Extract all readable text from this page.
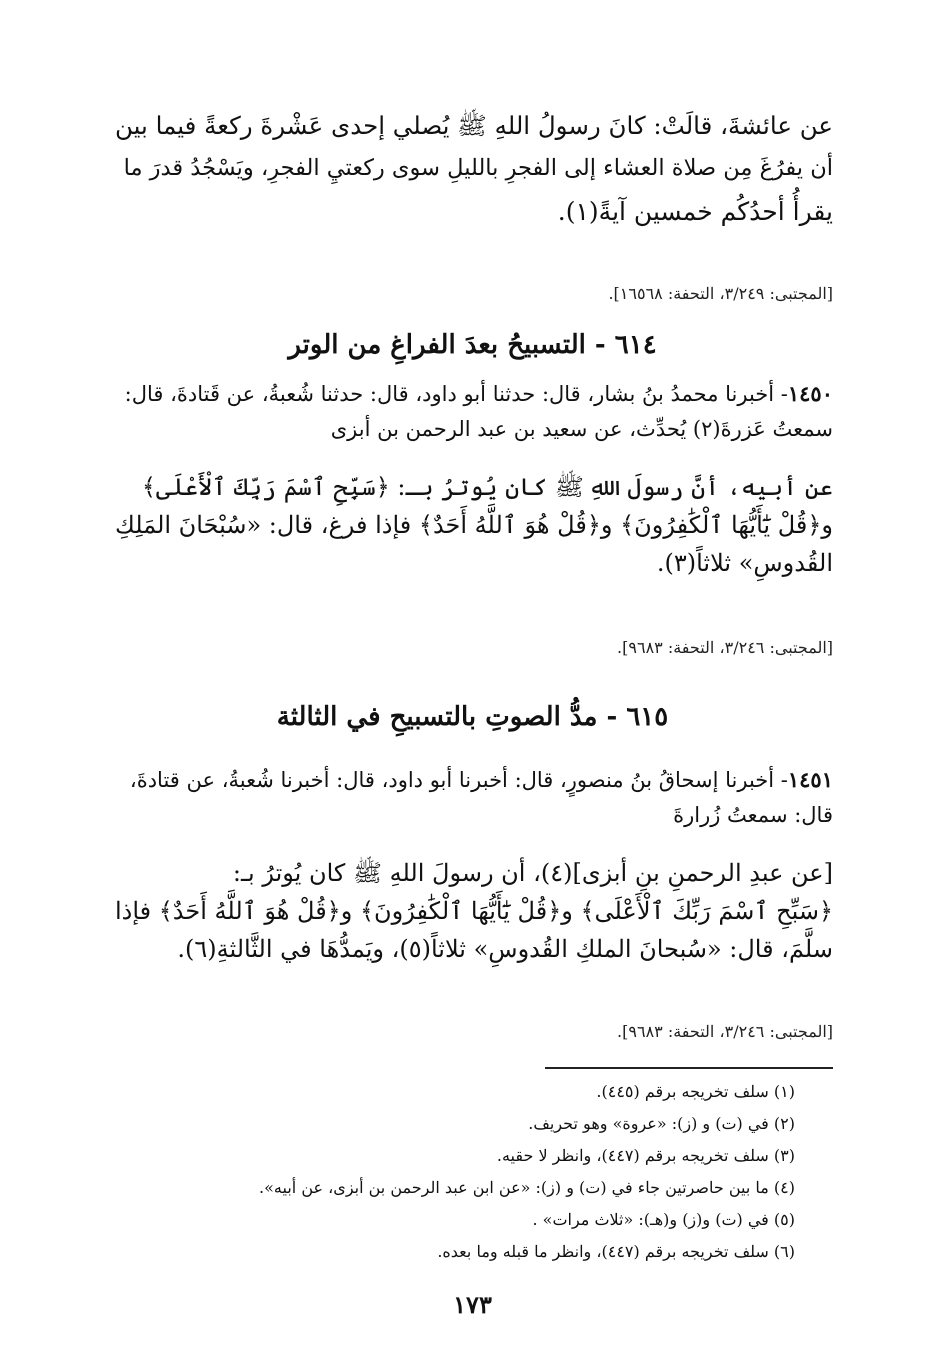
عن عائشةَ، قالَتْ: كانَ رسولُ اللهِ ﷺ يُصلي إحدى عَشْرةَ ركعةً فيما بين
أن يفرُغَ مِن صلاة العشاء إلى الفجرِ بالليلِ سوى ركعتيِ الفجرِ، ويَسْجُدُ قدرَ ما
يقرأُ أحدُكُم خمسين آيةً(١).
[المجتبى: ٣/٢٤٩، التحفة: ١٦٥٦٨].
٦١٤ - التسبيحُ بعدَ الفراغِ من الوتر
١٤٥٠- أخبرنا محمدُ بنُ بشار، قال: حدثنا أبو داود، قال: حدثنا شُعبةُ، عن قَتادةَ، قال:
سمعتُ عَزرةَ(٢) يُحدِّث، عن سعيد بن عبد الرحمن بن أبزى
عن أبيه، أنَّ رسولَ اللهِ ﷺ كان يُوترُ بـ: ﴿سَبِّحِ ٱسْمَ رَبِّكَ ٱلْأَعْلَى﴾
و﴿قُلْ يَٰٓأَيُّهَا ٱلْكَٰفِرُونَ﴾ و﴿قُلْ هُوَ ٱللَّهُ أَحَدٌ﴾ فإذا فرغ، قال: «سُبْحَانَ المَلِكِ
القُدوسِ» ثلاثاً(٣).
[المجتبى: ٣/٢٤٦، التحفة: ٩٦٨٣].
٦١٥ - مدُّ الصوتِ بالتسبيحِ في الثالثة
١٤٥١- أخبرنا إسحاقُ بنُ منصورٍ، قال: أخبرنا أبو داود، قال: أخبرنا شُعبةُ، عن قتادةَ،
قال: سمعتُ زُرارةَ
[عن عبدِ الرحمنِ بنِ أبزى](٤)، أن رسولَ اللهِ ﷺ كان يُوترُ بـ:
﴿سَبِّحِ ٱسْمَ رَبِّكَ ٱلْأَعْلَى﴾ و﴿قُلْ يَٰٓأَيُّهَا ٱلْكَٰفِرُونَ﴾ و﴿قُلْ هُوَ ٱللَّهُ أَحَدٌ﴾ فإذا
سلَّمَ، قال: «سُبحانَ الملكِ القُدوسِ» ثلاثاً(٥)، ويَمدُّهَا في الثَّالثةِ(٦).
[المجتبى: ٣/٢٤٦، التحفة: ٩٦٨٣].
(١) سلف تخريجه برقم (٤٤٥).
(٢) في (ت) و (ز): «عروة» وهو تحريف.
(٣) سلف تخريجه برقم (٤٤٧)، وانظر لا حقيه.
(٤) ما بين حاصرتين جاء في (ت) و (ز): «عن ابن عبد الرحمن بن أبزى، عن أبيه».
(٥) في (ت) و(ز) و(هـ): «ثلاث مرات» .
(٦) سلف تخريجه برقم (٤٤٧)، وانظر ما قبله وما بعده.
١٧٣
